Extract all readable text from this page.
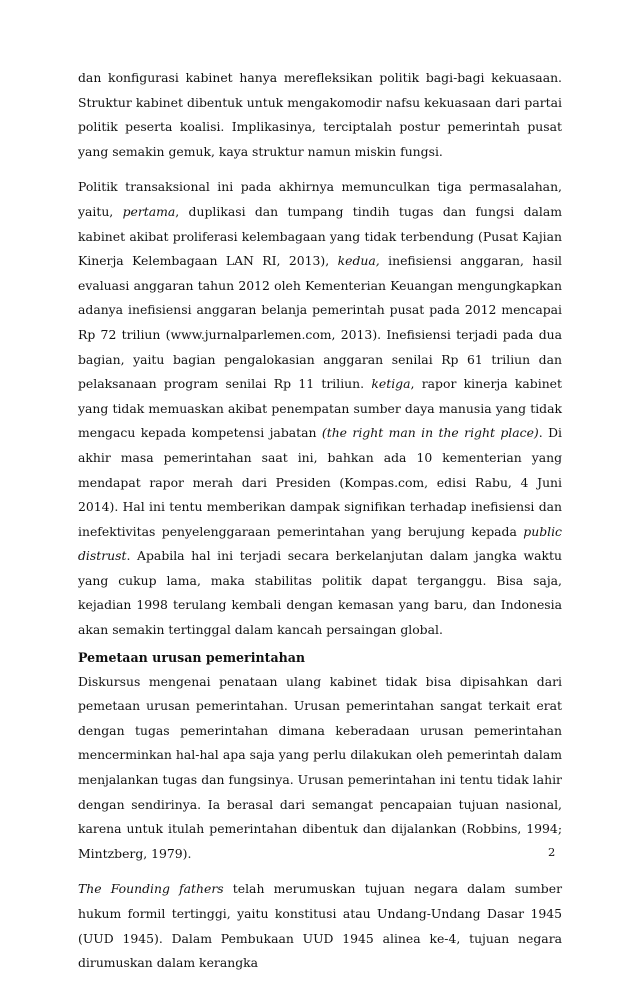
dan konfigurasi kabinet hanya merefleksikan politik bagi-bagi kekuasaan. Struktur kabinet dibentuk untuk mengakomodir nafsu kekuasaan dari partai politik peserta koalisi. Implikasinya, terciptalah postur pemerintah pusat yang semakin gemuk, kaya struktur namun miskin fungsi.

Politik transaksional ini pada akhirnya memunculkan tiga permasalahan, yaitu, pertama, duplikasi dan tumpang tindih tugas dan fungsi dalam kabinet akibat proliferasi kelembagaan yang tidak terbendung (Pusat Kajian Kinerja Kelembagaan LAN RI, 2013), kedua, inefisiensi anggaran, hasil evaluasi anggaran tahun 2012 oleh Kementerian Keuangan mengungkapkan adanya inefisiensi anggaran belanja pemerintah pusat pada 2012 mencapai Rp 72 triliun (www.jurnalparlemen.com, 2013). Inefisiensi terjadi pada dua bagian, yaitu bagian pengalokasian anggaran senilai Rp 61 triliun dan pelaksanaan program senilai Rp 11 triliun. ketiga, rapor kinerja kabinet yang tidak memuaskan akibat penempatan sumber daya manusia yang tidak mengacu kepada kompetensi jabatan (the right man in the right place). Di akhir masa pemerintahan saat ini, bahkan ada 10 kementerian yang mendapat rapor merah dari Presiden (Kompas.com, edisi Rabu, 4 Juni 2014). Hal ini tentu memberikan dampak signifikan terhadap inefisiensi dan inefektivitas penyelenggaraan pemerintahan yang berujung kepada public distrust. Apabila hal ini terjadi secara berkelanjutan dalam jangka waktu yang cukup lama, maka stabilitas politik dapat terganggu. Bisa saja, kejadian 1998 terulang kembali dengan kemasan yang baru, dan Indonesia akan semakin tertinggal dalam kancah persaingan global.

Pemetaan urusan pemerintahan

Diskursus mengenai penataan ulang kabinet tidak bisa dipisahkan dari pemetaan urusan pemerintahan. Urusan pemerintahan sangat terkait erat dengan tugas pemerintahan dimana keberadaan urusan pemerintahan mencerminkan hal-hal apa saja yang perlu dilakukan oleh pemerintah dalam menjalankan tugas dan fungsinya. Urusan pemerintahan ini tentu tidak lahir dengan sendirinya. Ia berasal dari semangat pencapaian tujuan nasional, karena untuk itulah pemerintahan dibentuk dan dijalankan (Robbins, 1994; Mintzberg, 1979).

The Founding fathers telah merumuskan tujuan negara dalam sumber hukum formil tertinggi, yaitu konstitusi atau Undang-Undang Dasar 1945 (UUD 1945). Dalam Pembukaan UUD 1945 alinea ke-4, tujuan negara dirumuskan dalam kerangka

2
